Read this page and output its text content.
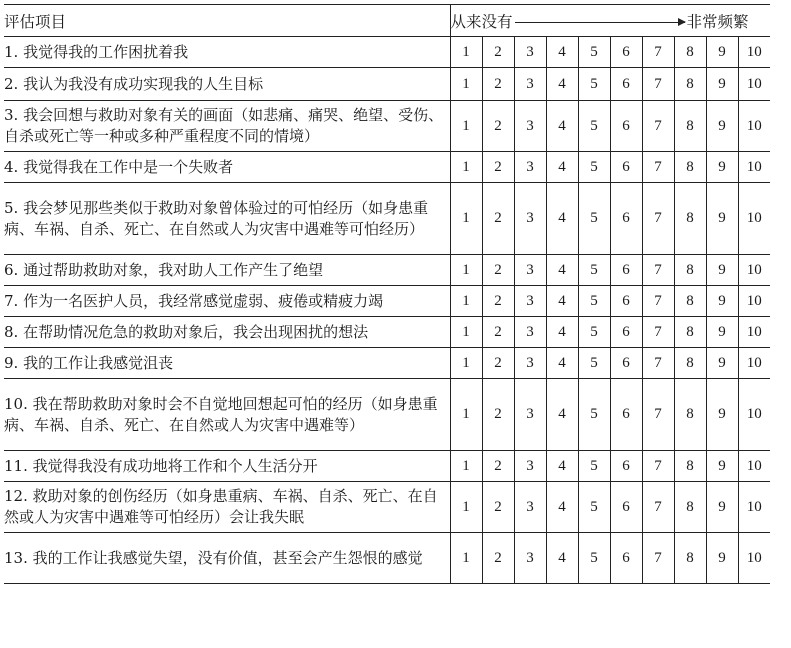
评估项目	从来没有 非常频繁									
1. 我觉得我的工作困扰着我	1	2	3	4	5	6	7	8	9	10
2. 我认为我没有成功实现我的人生目标	1	2	3	4	5	6	7	8	9	10
3. 我会回想与救助对象有关的画面（如悲痛、痛哭、绝望、受伤、自杀或死亡等一种或多种严重程度不同的情境）	1	2	3	4	5	6	7	8	9	10
4. 我觉得我在工作中是一个失败者	1	2	3	4	5	6	7	8	9	10
5. 我会梦见那些类似于救助对象曾体验过的可怕经历（如身患重病、车祸、自杀、死亡、在自然或人为灾害中遇难等可怕经历）	1	2	3	4	5	6	7	8	9	10
6. 通过帮助救助对象，我对助人工作产生了绝望	1	2	3	4	5	6	7	8	9	10
7. 作为一名医护人员，我经常感觉虚弱、疲倦或精疲力竭	1	2	3	4	5	6	7	8	9	10
8. 在帮助情况危急的救助对象后，我会出现困扰的想法	1	2	3	4	5	6	7	8	9	10
9. 我的工作让我感觉沮丧	1	2	3	4	5	6	7	8	9	10
10. 我在帮助救助对象时会不自觉地回想起可怕的经历（如身患重病、车祸、自杀、死亡、在自然或人为灾害中遇难等）	1	2	3	4	5	6	7	8	9	10
11. 我觉得我没有成功地将工作和个人生活分开	1	2	3	4	5	6	7	8	9	10
12. 救助对象的创伤经历（如身患重病、车祸、自杀、死亡、在自然或人为灾害中遇难等可怕经历）会让我失眠	1	2	3	4	5	6	7	8	9	10
13. 我的工作让我感觉失望，没有价值，甚至会产生怨恨的感觉	1	2	3	4	5	6	7	8	9	10
